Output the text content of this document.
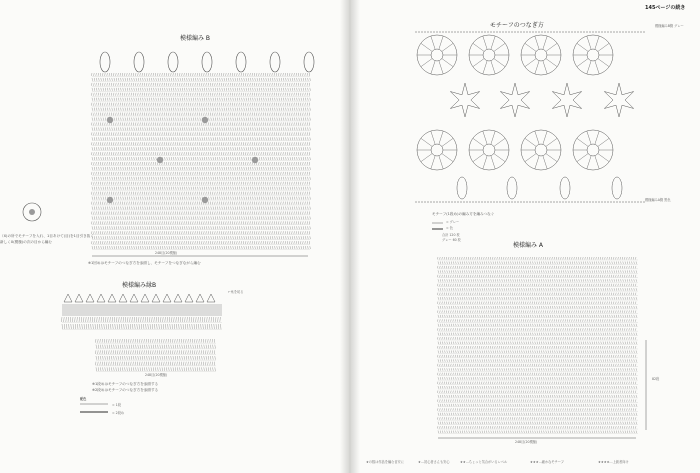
模様編み B
248目(20模様)
※1回めはモチーフのつなぎ方を参照し、モチーフをつなぎながら編む
（X)の所でモチーフを入れ、1目あけて(目)を1目引き抜く
新しくX(模様)の次の目から編む
模様編み縁B
←糸を切る
248目(20模様)
※1段めはモチーフのつなぎ方を参照する
※2段めはモチーフのつなぎ方を参照する
配色
= 1段
= 2段め
145ページの続き
モチーフのつなぎ方	模様編みB側 グレー
模様編みA側 黒色
モチーフ(1段め)の編み方を編みつなぐ
= グレー
= 色
合計 120 枚
グレー 60 枚
模様編み A
82段
248目(20模様)
★の数は作品を編む目安に	★…初心者さんも安心	★★…ちょっと気合がいるレベル	★★★…細かなモチーフ	★★★★…上級者向け
